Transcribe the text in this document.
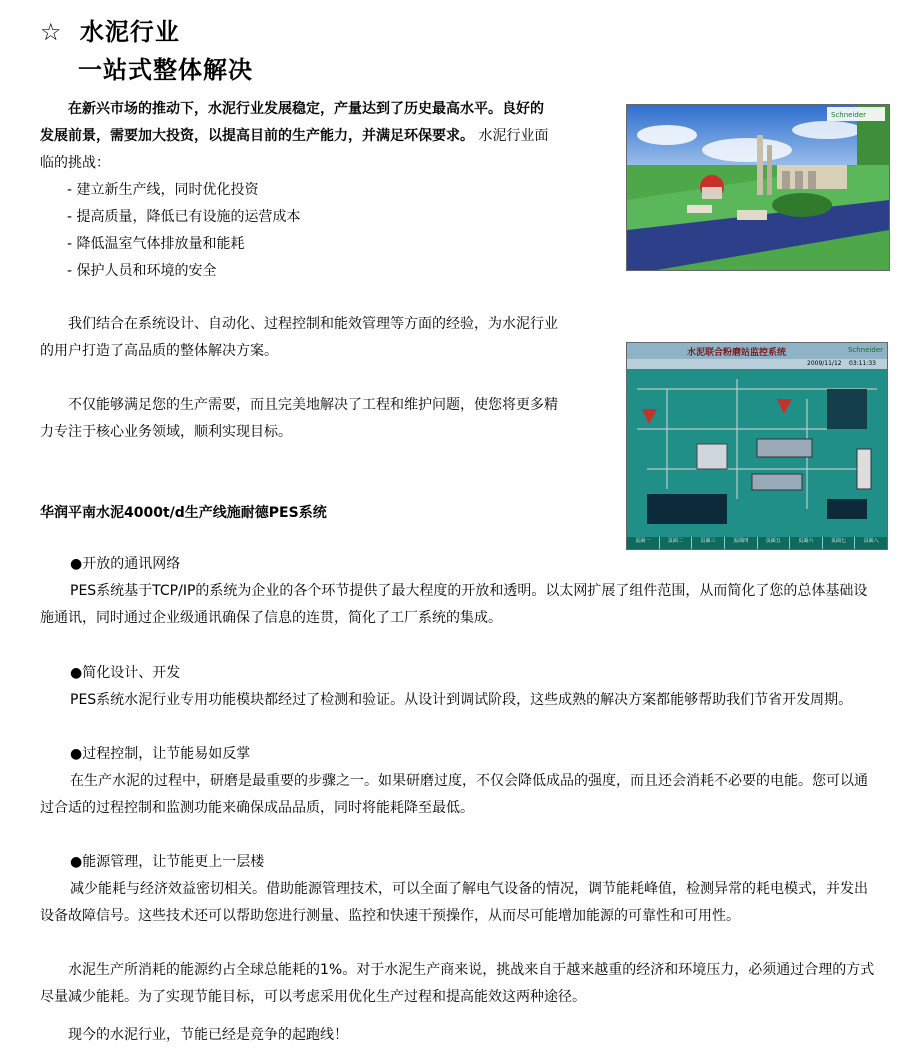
☆ 水泥行业
一站式整体解决
在新兴市场的推动下，水泥行业发展稳定，产量达到了历史最高水平。良好的
发展前景，需要加大投资，以提高目前的生产能力，并满足环保要求。 水泥行业面
临的挑战：
- 建立新生产线，同时优化投资
- 提高质量，降低已有设施的运营成本
- 降低温室气体排放量和能耗
- 保护人员和环境的安全
我们结合在系统设计、自动化、过程控制和能效管理等方面的经验，为水泥行业
的用户打造了高品质的整体解决方案。
不仅能够满足您的生产需要，而且完美地解决了工程和维护问题，使您将更多精
力专注于核心业务领域，顺利实现目标。
华润平南水泥4000t/d生产线施耐德PES系统
●开放的通讯网络
PES系统基于TCP/IP的系统为企业的各个环节提供了最大程度的开放和透明。以太网扩展了组件范围，从而简化了您的总体基础设
施通讯，同时通过企业级通讯确保了信息的连贯，简化了工厂系统的集成。
●简化设计、开发
PES系统水泥行业专用功能模块都经过了检测和验证。从设计到调试阶段，这些成熟的解决方案都能够帮助我们节省开发周期。
●过程控制，让节能易如反掌
在生产水泥的过程中，研磨是最重要的步骤之一。如果研磨过度，不仅会降低成品的强度，而且还会消耗不必要的电能。您可以通
过合适的过程控制和监测功能来确保成品品质，同时将能耗降至最低。
●能源管理，让节能更上一层楼
减少能耗与经济效益密切相关。借助能源管理技术，可以全面了解电气设备的情况，调节能耗峰值，检测异常的耗电模式，并发出
设备故障信号。这些技术还可以帮助您进行测量、监控和快速干预操作，从而尽可能增加能源的可靠性和可用性。
水泥生产所消耗的能源约占全球总能耗的1%。对于水泥生产商来说，挑战来自于越来越重的经济和环境压力，必须通过合理的方式
尽量减少能耗。为了实现节能目标，可以考虑采用优化生产过程和提高能效这两种途径。
现今的水泥行业，节能已经是竞争的起跑线！
Schneider
水泥联合粉磨站监控系统	Schneider
2009/11/12 03:11:33
页面一	页面二	页面三	页面四	页面五	页面六	页面七	页面八
